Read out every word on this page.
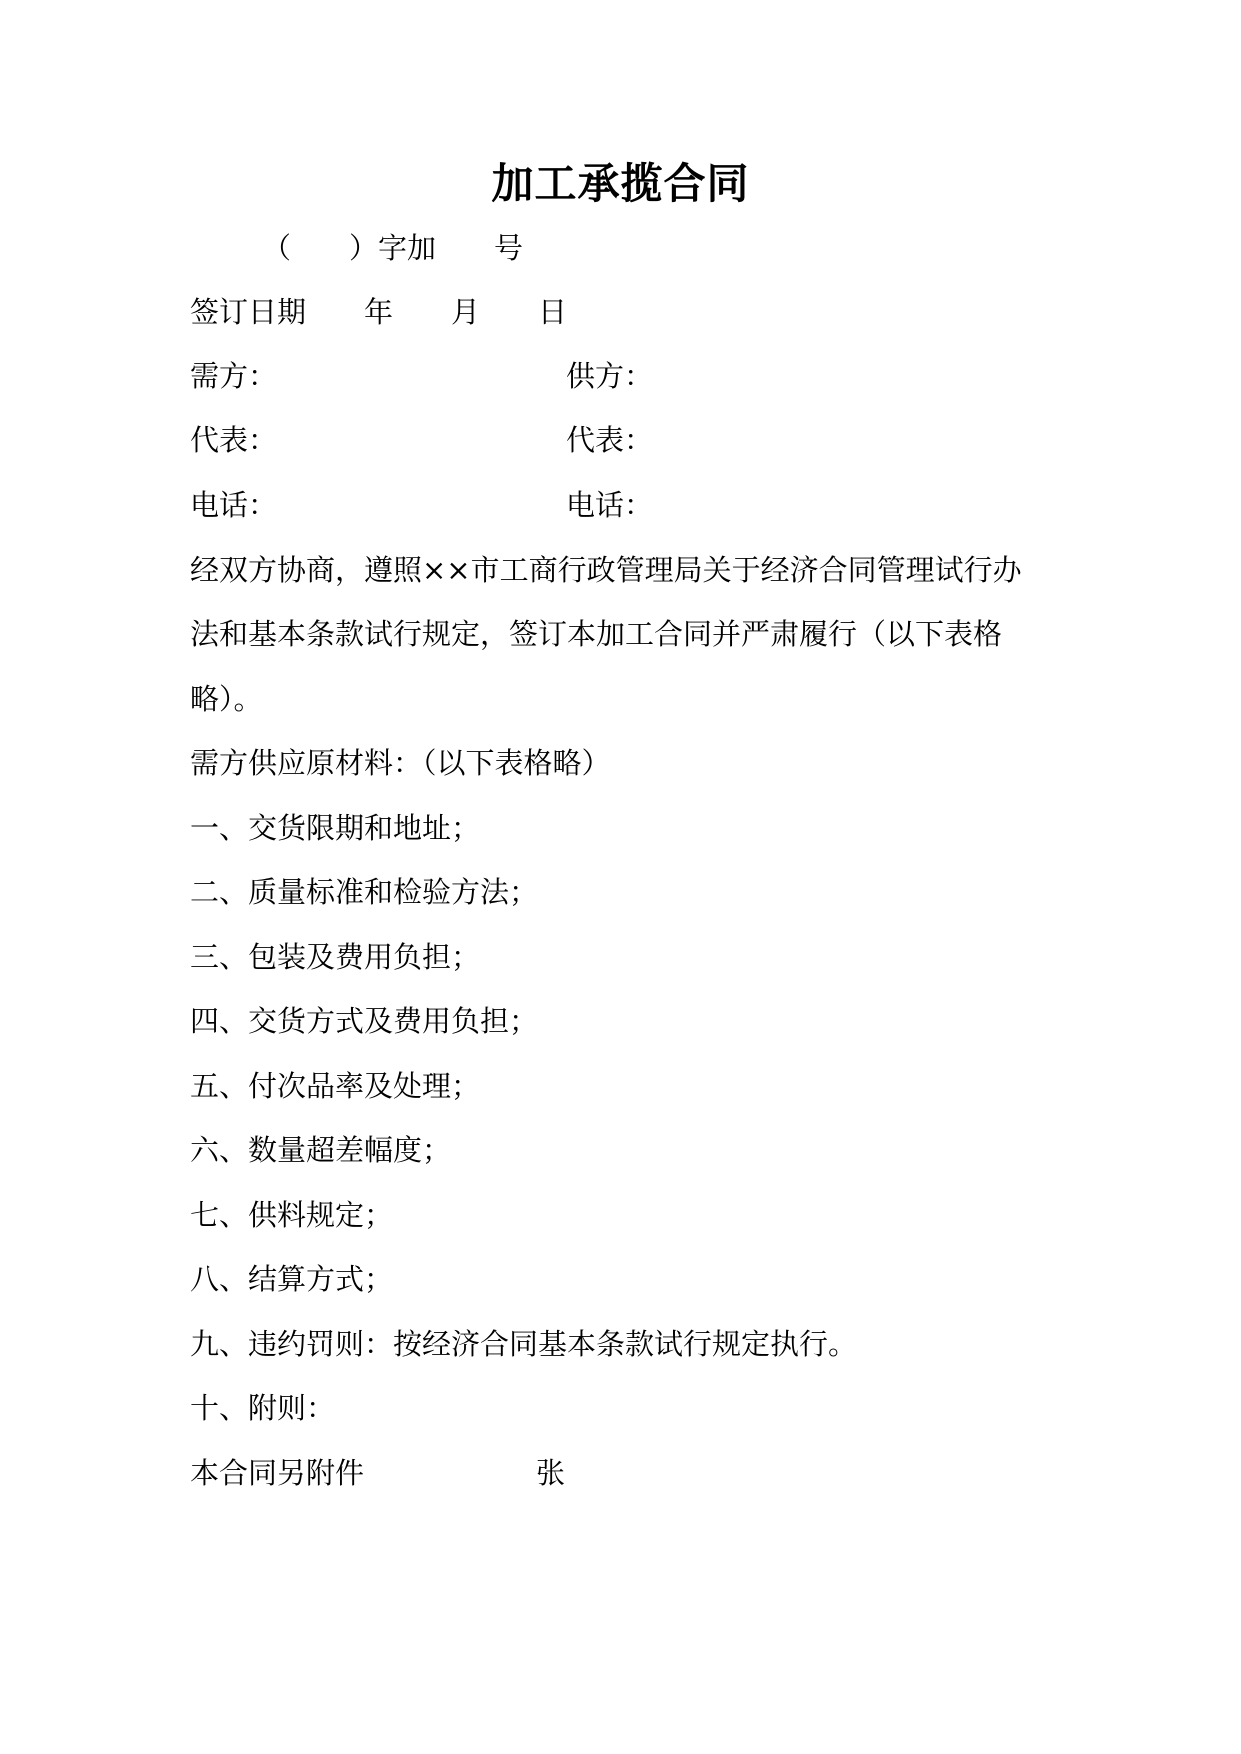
加工承揽合同
（　　）字加　　号
签订日期　　年　　月　　日
需方：	供方：
代表：	代表：
电话：	电话：
经双方协商，遵照××市工商行政管理局关于经济合同管理试行办
法和基本条款试行规定，签订本加工合同并严肃履行（以下表格
略）。
需方供应原材料：（以下表格略）
一、交货限期和地址；
二、质量标准和检验方法；
三、包装及费用负担；
四、交货方式及费用负担；
五、付次品率及处理；
六、数量超差幅度；
七、供料规定；
八、结算方式；
九、违约罚则：按经济合同基本条款试行规定执行。
十、附则：
本合同另附件	张
